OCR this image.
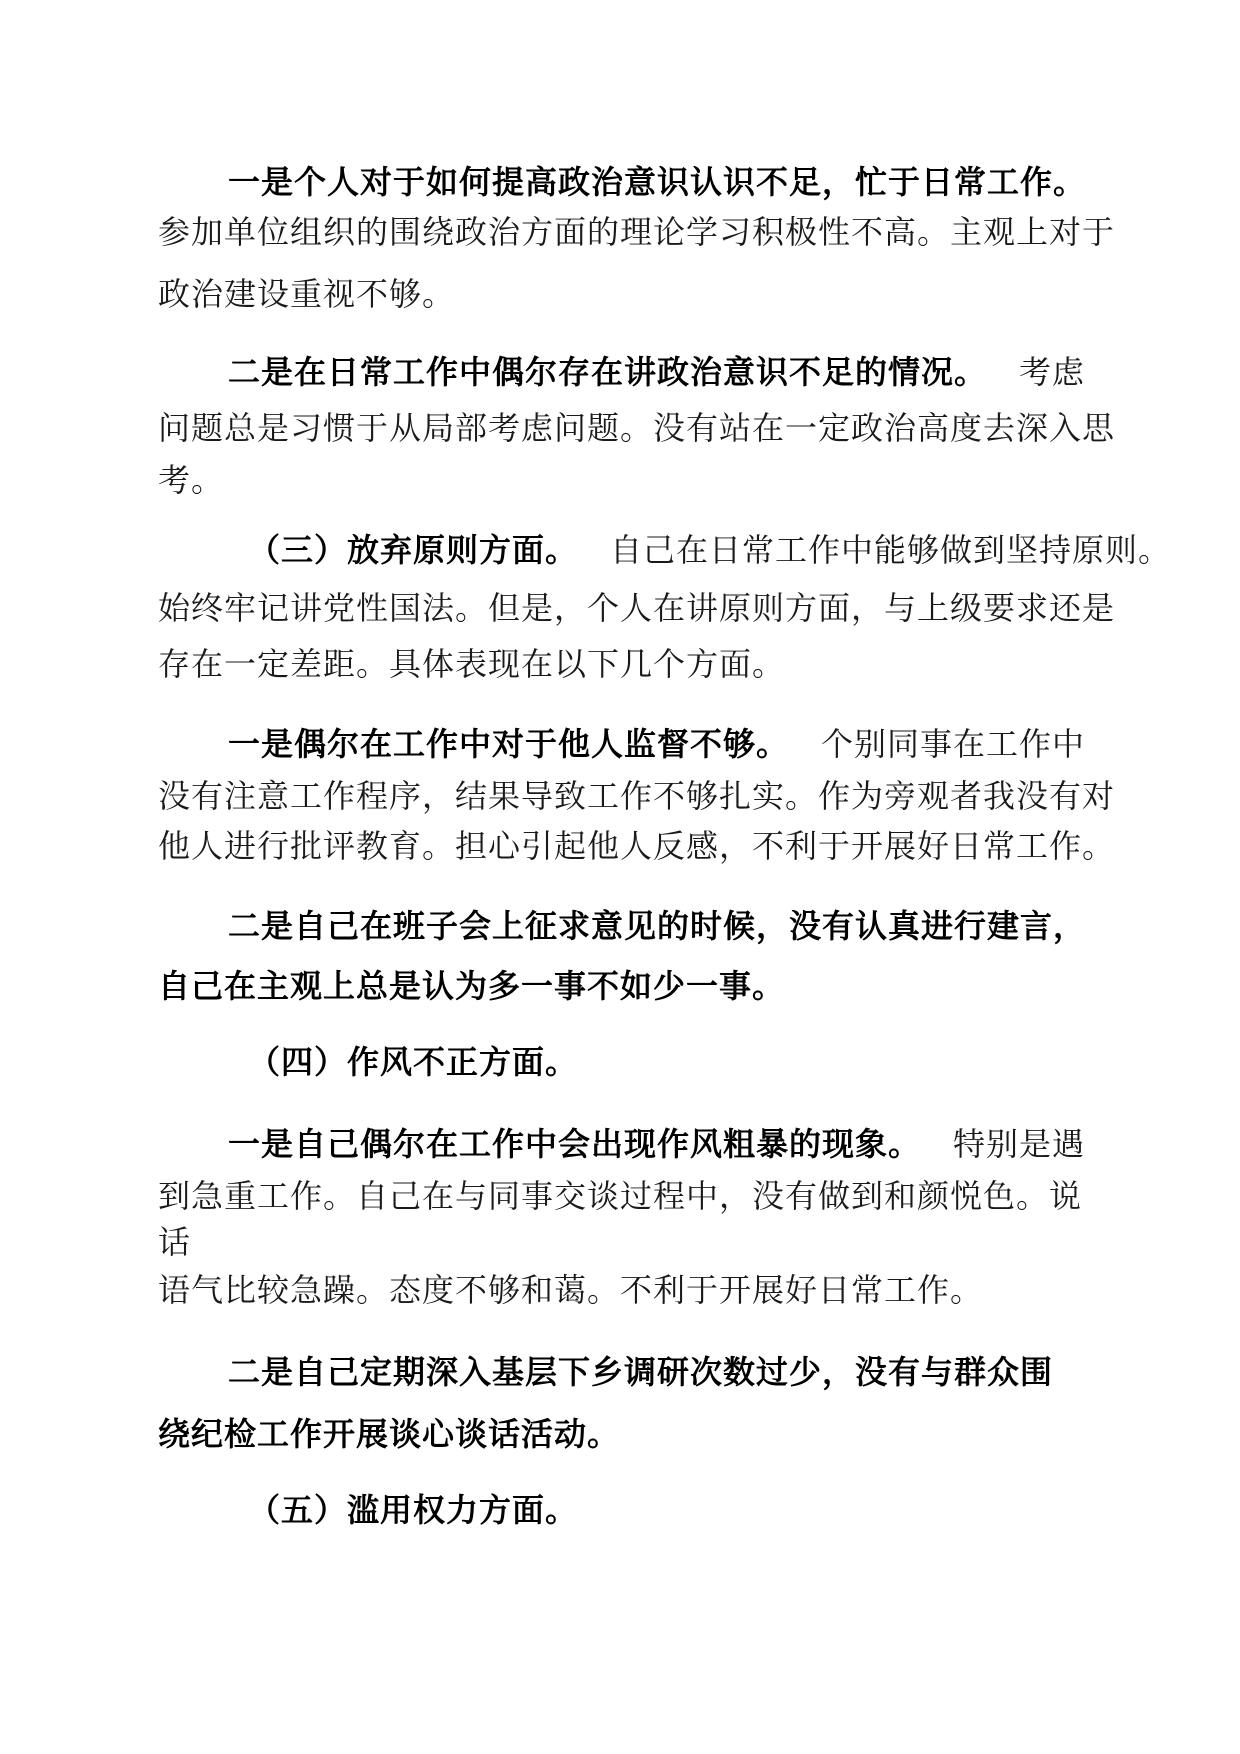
一是个人对于如何提高政治意识认识不足，忙于日常工作。
参加单位组织的围绕政治方面的理论学习积极性不高。主观上对于
政治建设重视不够。
二是在日常工作中偶尔存在讲政治意识不足的情况。 考虑
问题总是习惯于从局部考虑问题。没有站在一定政治高度去深入思
考。
（三）放弃原则方面。 自己在日常工作中能够做到坚持原则。
始终牢记讲党性国法。但是，个人在讲原则方面，与上级要求还是
存在一定差距。具体表现在以下几个方面。
一是偶尔在工作中对于他人监督不够。 个别同事在工作中
没有注意工作程序，结果导致工作不够扎实。作为旁观者我没有对
他人进行批评教育。担心引起他人反感，不利于开展好日常工作。
二是自己在班子会上征求意见的时候，没有认真进行建言，
自己在主观上总是认为多一事不如少一事。
（四）作风不正方面。
一是自己偶尔在工作中会出现作风粗暴的现象。 特别是遇
到急重工作。自己在与同事交谈过程中，没有做到和颜悦色。说
话
语气比较急躁。态度不够和蔼。不利于开展好日常工作。
二是自己定期深入基层下乡调研次数过少，没有与群众围
绕纪检工作开展谈心谈话活动。
（五）滥用权力方面。
